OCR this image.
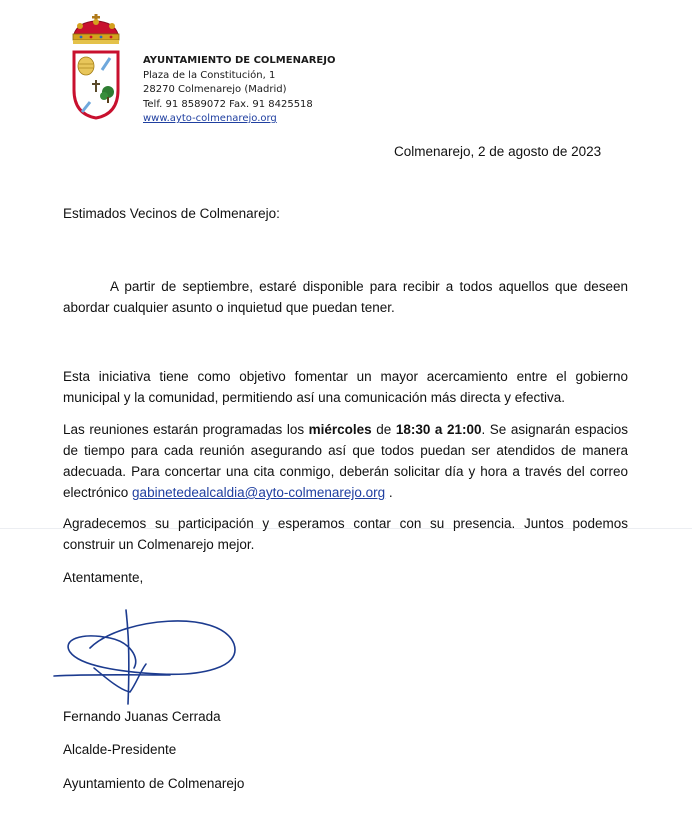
AYUNTAMIENTO DE COLMENAREJO
Plaza de la Constitución, 1
28270 Colmenarejo (Madrid)
Telf. 91 8589072 Fax. 91 8425518
www.ayto-colmenarejo.org
Colmenarejo, 2 de agosto de 2023
Estimados Vecinos de Colmenarejo:
A partir de septiembre, estaré disponible para recibir a todos aquellos que deseen abordar cualquier asunto o inquietud que puedan tener.
Esta iniciativa tiene como objetivo fomentar un mayor acercamiento entre el gobierno municipal y la comunidad, permitiendo así una comunicación más directa y efectiva.
Las reuniones estarán programadas los miércoles de 18:30 a 21:00. Se asignarán espacios de tiempo para cada reunión asegurando así que todos puedan ser atendidos de manera adecuada. Para concertar una cita conmigo, deberán solicitar día y hora a través del correo electrónico gabinetedealcaldia@ayto-colmenarejo.org .
Agradecemos su participación y esperamos contar con su presencia. Juntos podemos construir un Colmenarejo mejor.
Atentamente,
Fernando Juanas Cerrada
Alcalde-Presidente
Ayuntamiento de Colmenarejo
